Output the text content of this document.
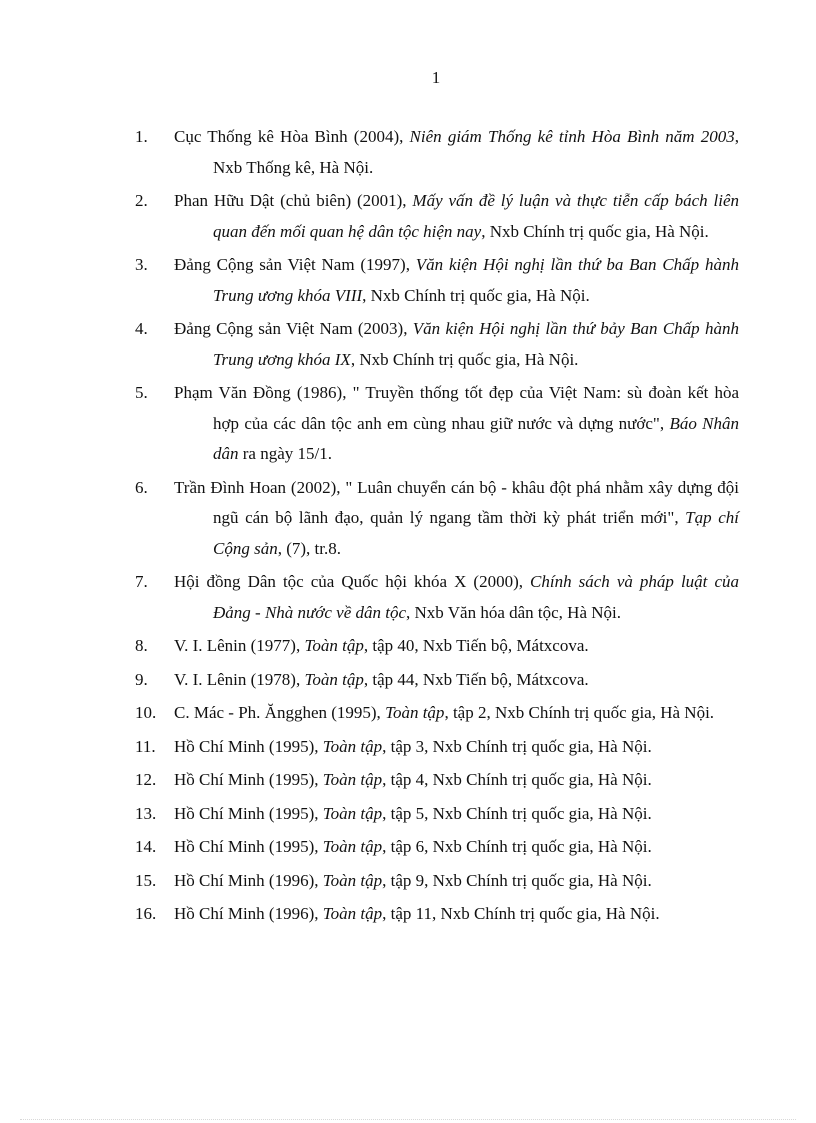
1
1.	Cục Thống kê Hòa Bình (2004), Niên giám Thống kê tỉnh Hòa Bình năm 2003, Nxb Thống kê, Hà Nội.
2.	Phan Hữu Dật (chủ biên) (2001), Mấy vấn đề lý luận và thực tiễn cấp bách liên quan đến mối quan hệ dân tộc hiện nay, Nxb Chính trị quốc gia, Hà Nội.
3.	Đảng Cộng sản Việt Nam (1997), Văn kiện Hội nghị lần thứ ba Ban Chấp hành Trung ương khóa VIII, Nxb Chính trị quốc gia, Hà Nội.
4.	Đảng Cộng sản Việt Nam (2003), Văn kiện Hội nghị lần thứ bảy Ban Chấp hành Trung ương khóa IX, Nxb Chính trị quốc gia, Hà Nội.
5.	Phạm Văn Đồng (1986), " Truyền thống tốt đẹp của Việt Nam: sù đoàn kết hòa hợp của các dân tộc anh em cùng nhau giữ nước và dựng nước", Báo Nhân dân ra ngày 15/1.
6.	Trần Đình Hoan (2002), " Luân chuyển cán bộ - khâu đột phá nhằm xây dựng đội ngũ cán bộ lãnh đạo, quản lý ngang tầm thời kỳ phát triển mới", Tạp chí Cộng sản, (7), tr.8.
7.	Hội đồng Dân tộc của Quốc hội khóa X (2000), Chính sách và pháp luật của Đảng - Nhà nước về dân tộc, Nxb Văn hóa dân tộc, Hà Nội.
8.	V. I. Lênin (1977), Toàn tập, tập 40, Nxb Tiến bộ, Mátxcova.
9.	V. I. Lênin (1978), Toàn tập, tập 44, Nxb Tiến bộ, Mátxcova.
10.	C. Mác - Ph. Ăngghen (1995), Toàn tập, tập 2, Nxb Chính trị quốc gia, Hà Nội.
11.	Hồ Chí Minh (1995), Toàn tập, tập 3, Nxb Chính trị quốc gia, Hà Nội.
12.	Hồ Chí Minh (1995), Toàn tập, tập 4, Nxb Chính trị quốc gia, Hà Nội.
13.	Hồ Chí Minh (1995), Toàn tập, tập 5, Nxb Chính trị quốc gia, Hà Nội.
14.	Hồ Chí Minh (1995), Toàn tập, tập 6, Nxb Chính trị quốc gia, Hà Nội.
15.	Hồ Chí Minh (1996), Toàn tập, tập 9, Nxb Chính trị quốc gia, Hà Nội.
16.	Hồ Chí Minh (1996), Toàn tập, tập 11, Nxb Chính trị quốc gia, Hà Nội.
